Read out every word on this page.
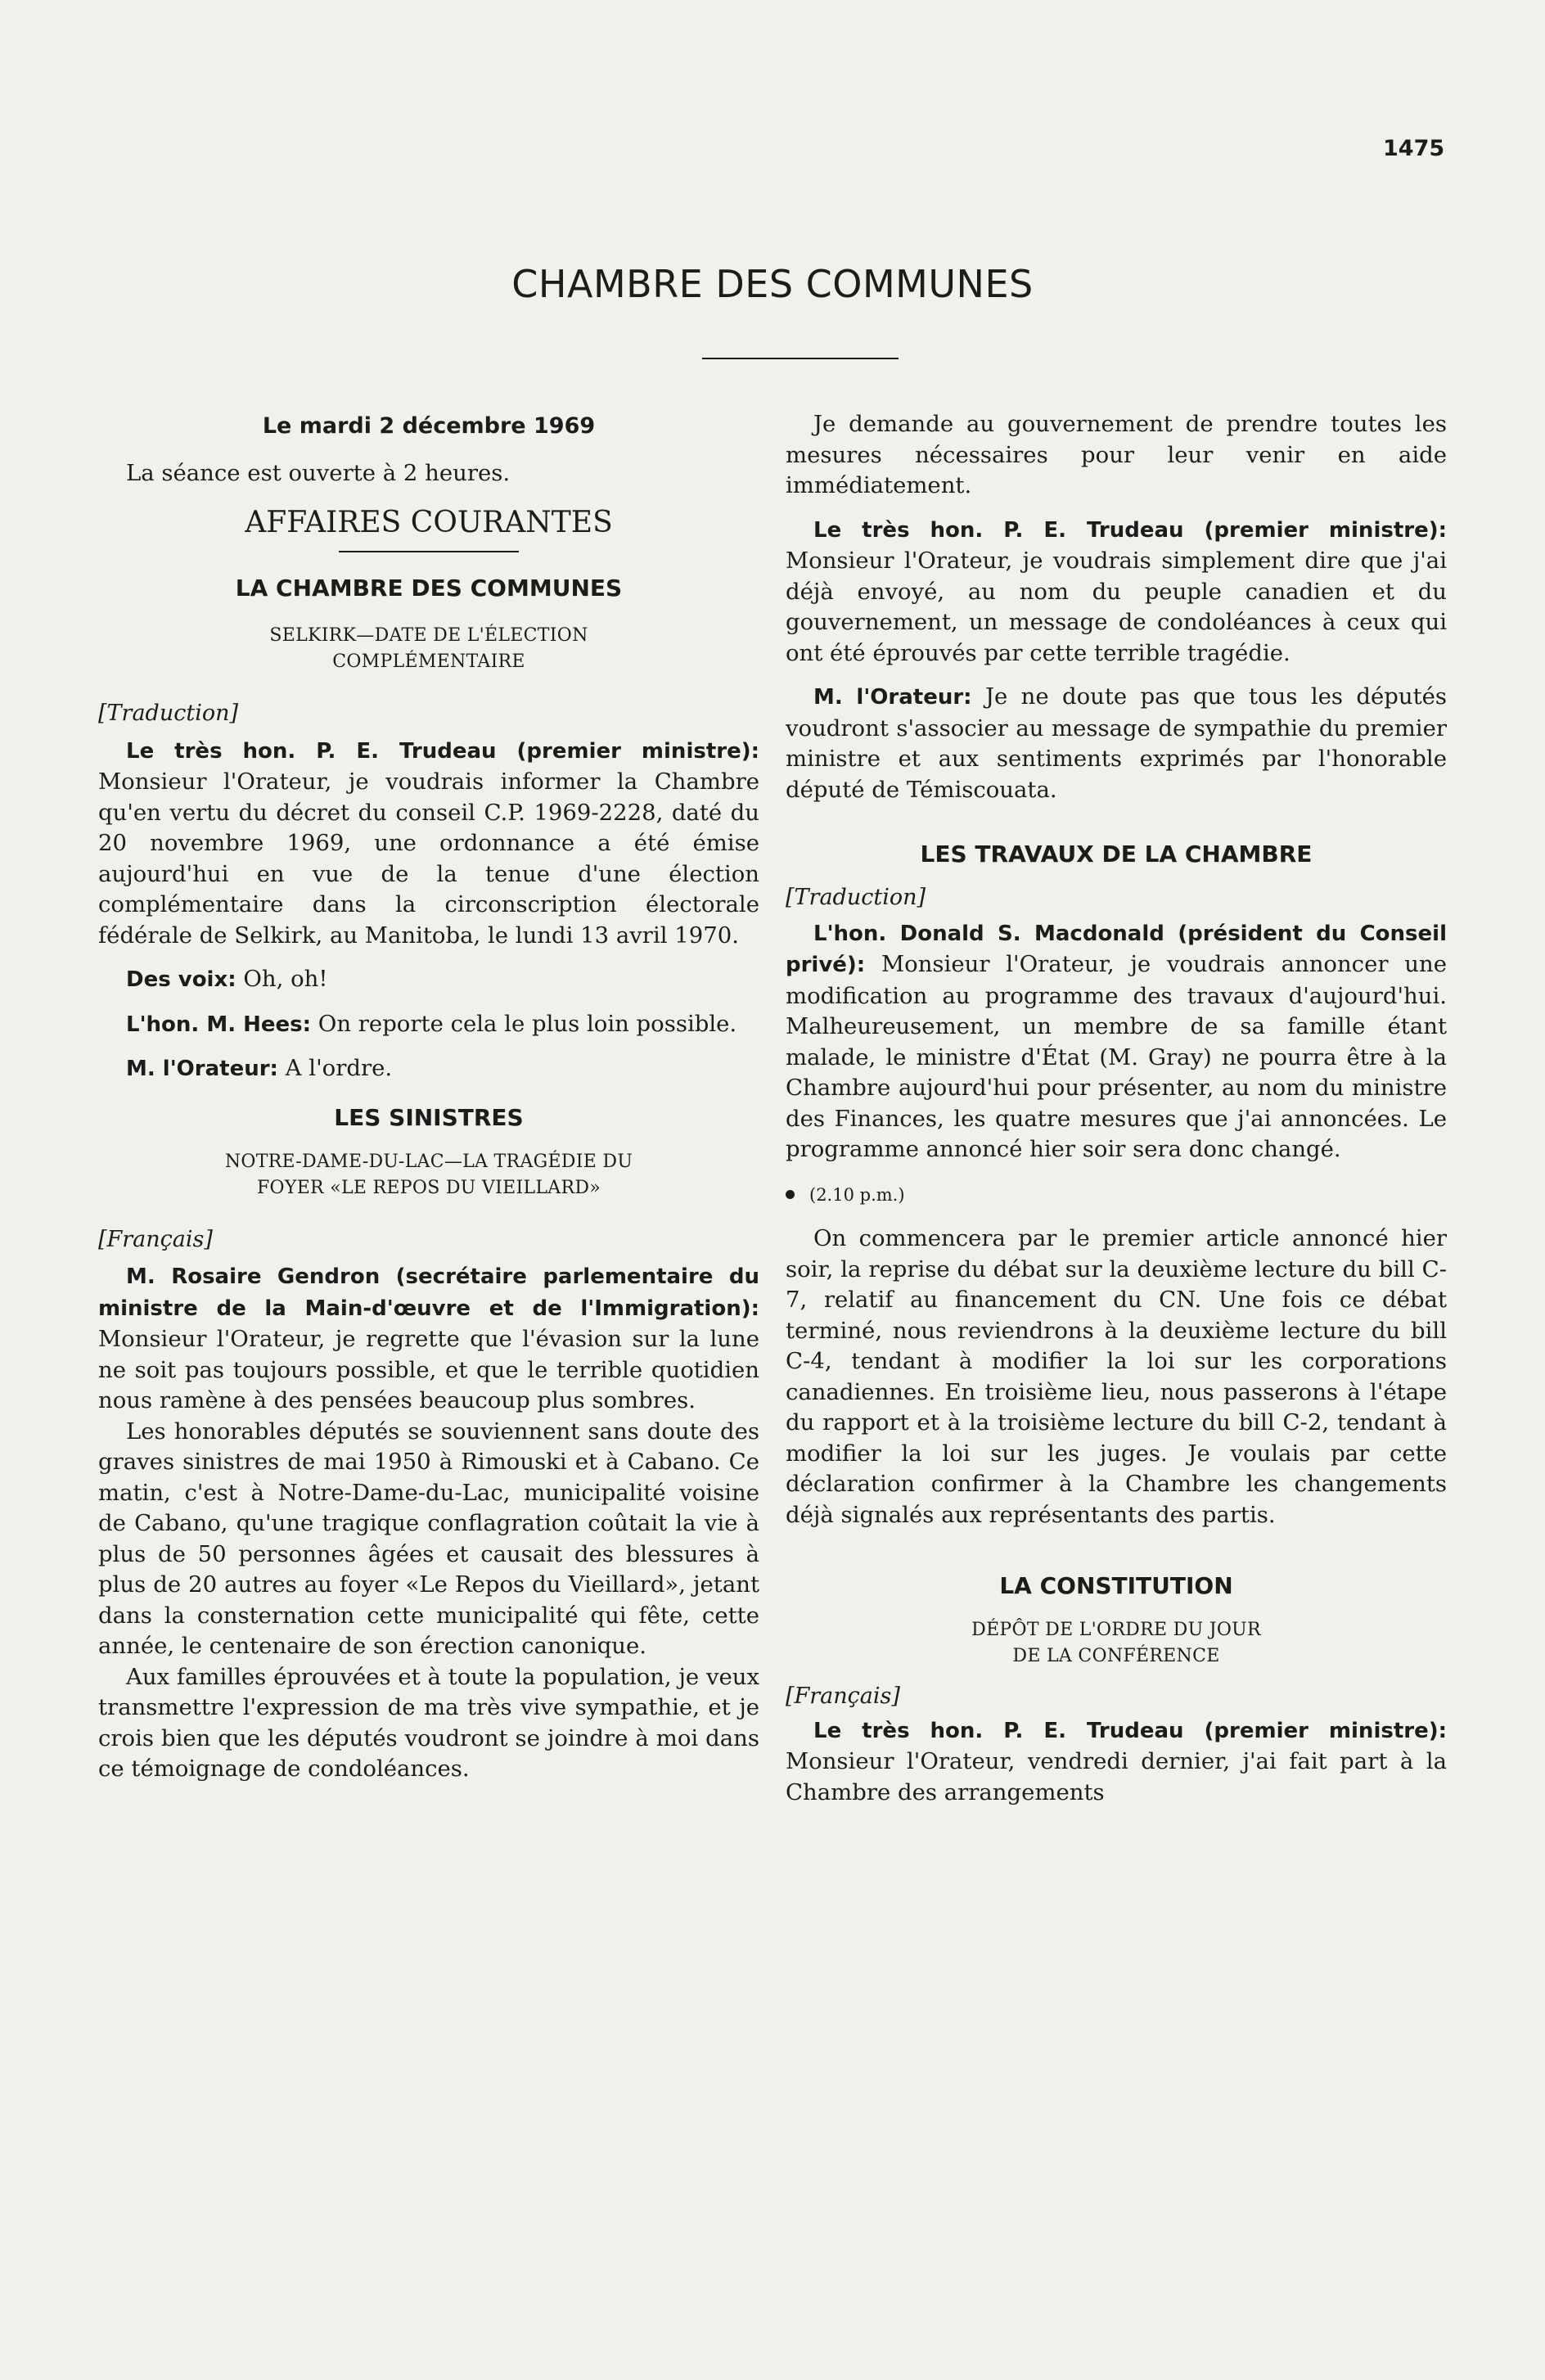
1475
CHAMBRE DES COMMUNES
Le mardi 2 décembre 1969

La séance est ouverte à 2 heures.

AFFAIRES COURANTES
LA CHAMBRE DES COMMUNES
SELKIRK—DATE DE L'ÉLECTION
COMPLÉMENTAIRE

[Traduction]

Le très hon. P. E. Trudeau (premier ministre): Monsieur l'Orateur, je voudrais informer la Chambre qu'en vertu du décret du conseil C.P. 1969-2228, daté du 20 novembre 1969, une ordonnance a été émise aujourd'hui en vue de la tenue d'une élection complémentaire dans la circonscription électorale fédérale de Selkirk, au Manitoba, le lundi 13 avril 1970.

Des voix: Oh, oh!

L'hon. M. Hees: On reporte cela le plus loin possible.

M. l'Orateur: A l'ordre.

LES SINISTRES
NOTRE-DAME-DU-LAC—LA TRAGÉDIE DU
FOYER «LE REPOS DU VIEILLARD»

[Français]

M. Rosaire Gendron (secrétaire parlementaire du ministre de la Main-d'œuvre et de l'Immigration): Monsieur l'Orateur, je regrette que l'évasion sur la lune ne soit pas toujours possible, et que le terrible quotidien nous ramène à des pensées beaucoup plus sombres.

Les honorables députés se souviennent sans doute des graves sinistres de mai 1950 à Rimouski et à Cabano. Ce matin, c'est à Notre-Dame-du-Lac, municipalité voisine de Cabano, qu'une tragique conflagration coûtait la vie à plus de 50 personnes âgées et causait des blessures à plus de 20 autres au foyer «Le Repos du Vieillard», jetant dans la consternation cette municipalité qui fête, cette année, le centenaire de son érection canonique.

Aux familles éprouvées et à toute la population, je veux transmettre l'expression de ma très vive sympathie, et je crois bien que les députés voudront se joindre à moi dans ce témoignage de condoléances.

Je demande au gouvernement de prendre toutes les mesures nécessaires pour leur venir en aide immédiatement.

Le très hon. P. E. Trudeau (premier ministre): Monsieur l'Orateur, je voudrais simplement dire que j'ai déjà envoyé, au nom du peuple canadien et du gouvernement, un message de condoléances à ceux qui ont été éprouvés par cette terrible tragédie.

M. l'Orateur: Je ne doute pas que tous les députés voudront s'associer au message de sympathie du premier ministre et aux sentiments exprimés par l'honorable député de Témiscouata.

LES TRAVAUX DE LA CHAMBRE

[Traduction]

L'hon. Donald S. Macdonald (président du Conseil privé): Monsieur l'Orateur, je voudrais annoncer une modification au programme des travaux d'aujourd'hui. Malheureusement, un membre de sa famille étant malade, le ministre d'État (M. Gray) ne pourra être à la Chambre aujourd'hui pour présenter, au nom du ministre des Finances, les quatre mesures que j'ai annoncées. Le programme annoncé hier soir sera donc changé.

(2.10 p.m.)

On commencera par le premier article annoncé hier soir, la reprise du débat sur la deuxième lecture du bill C-7, relatif au financement du CN. Une fois ce débat terminé, nous reviendrons à la deuxième lecture du bill C-4, tendant à modifier la loi sur les corporations canadiennes. En troisième lieu, nous passerons à l'étape du rapport et à la troisième lecture du bill C-2, tendant à modifier la loi sur les juges. Je voulais par cette déclaration confirmer à la Chambre les changements déjà signalés aux représentants des partis.

LA CONSTITUTION
DÉPÔT DE L'ORDRE DU JOUR
DE LA CONFÉRENCE

[Français]

Le très hon. P. E. Trudeau (premier ministre): Monsieur l'Orateur, vendredi dernier, j'ai fait part à la Chambre des arrangements
